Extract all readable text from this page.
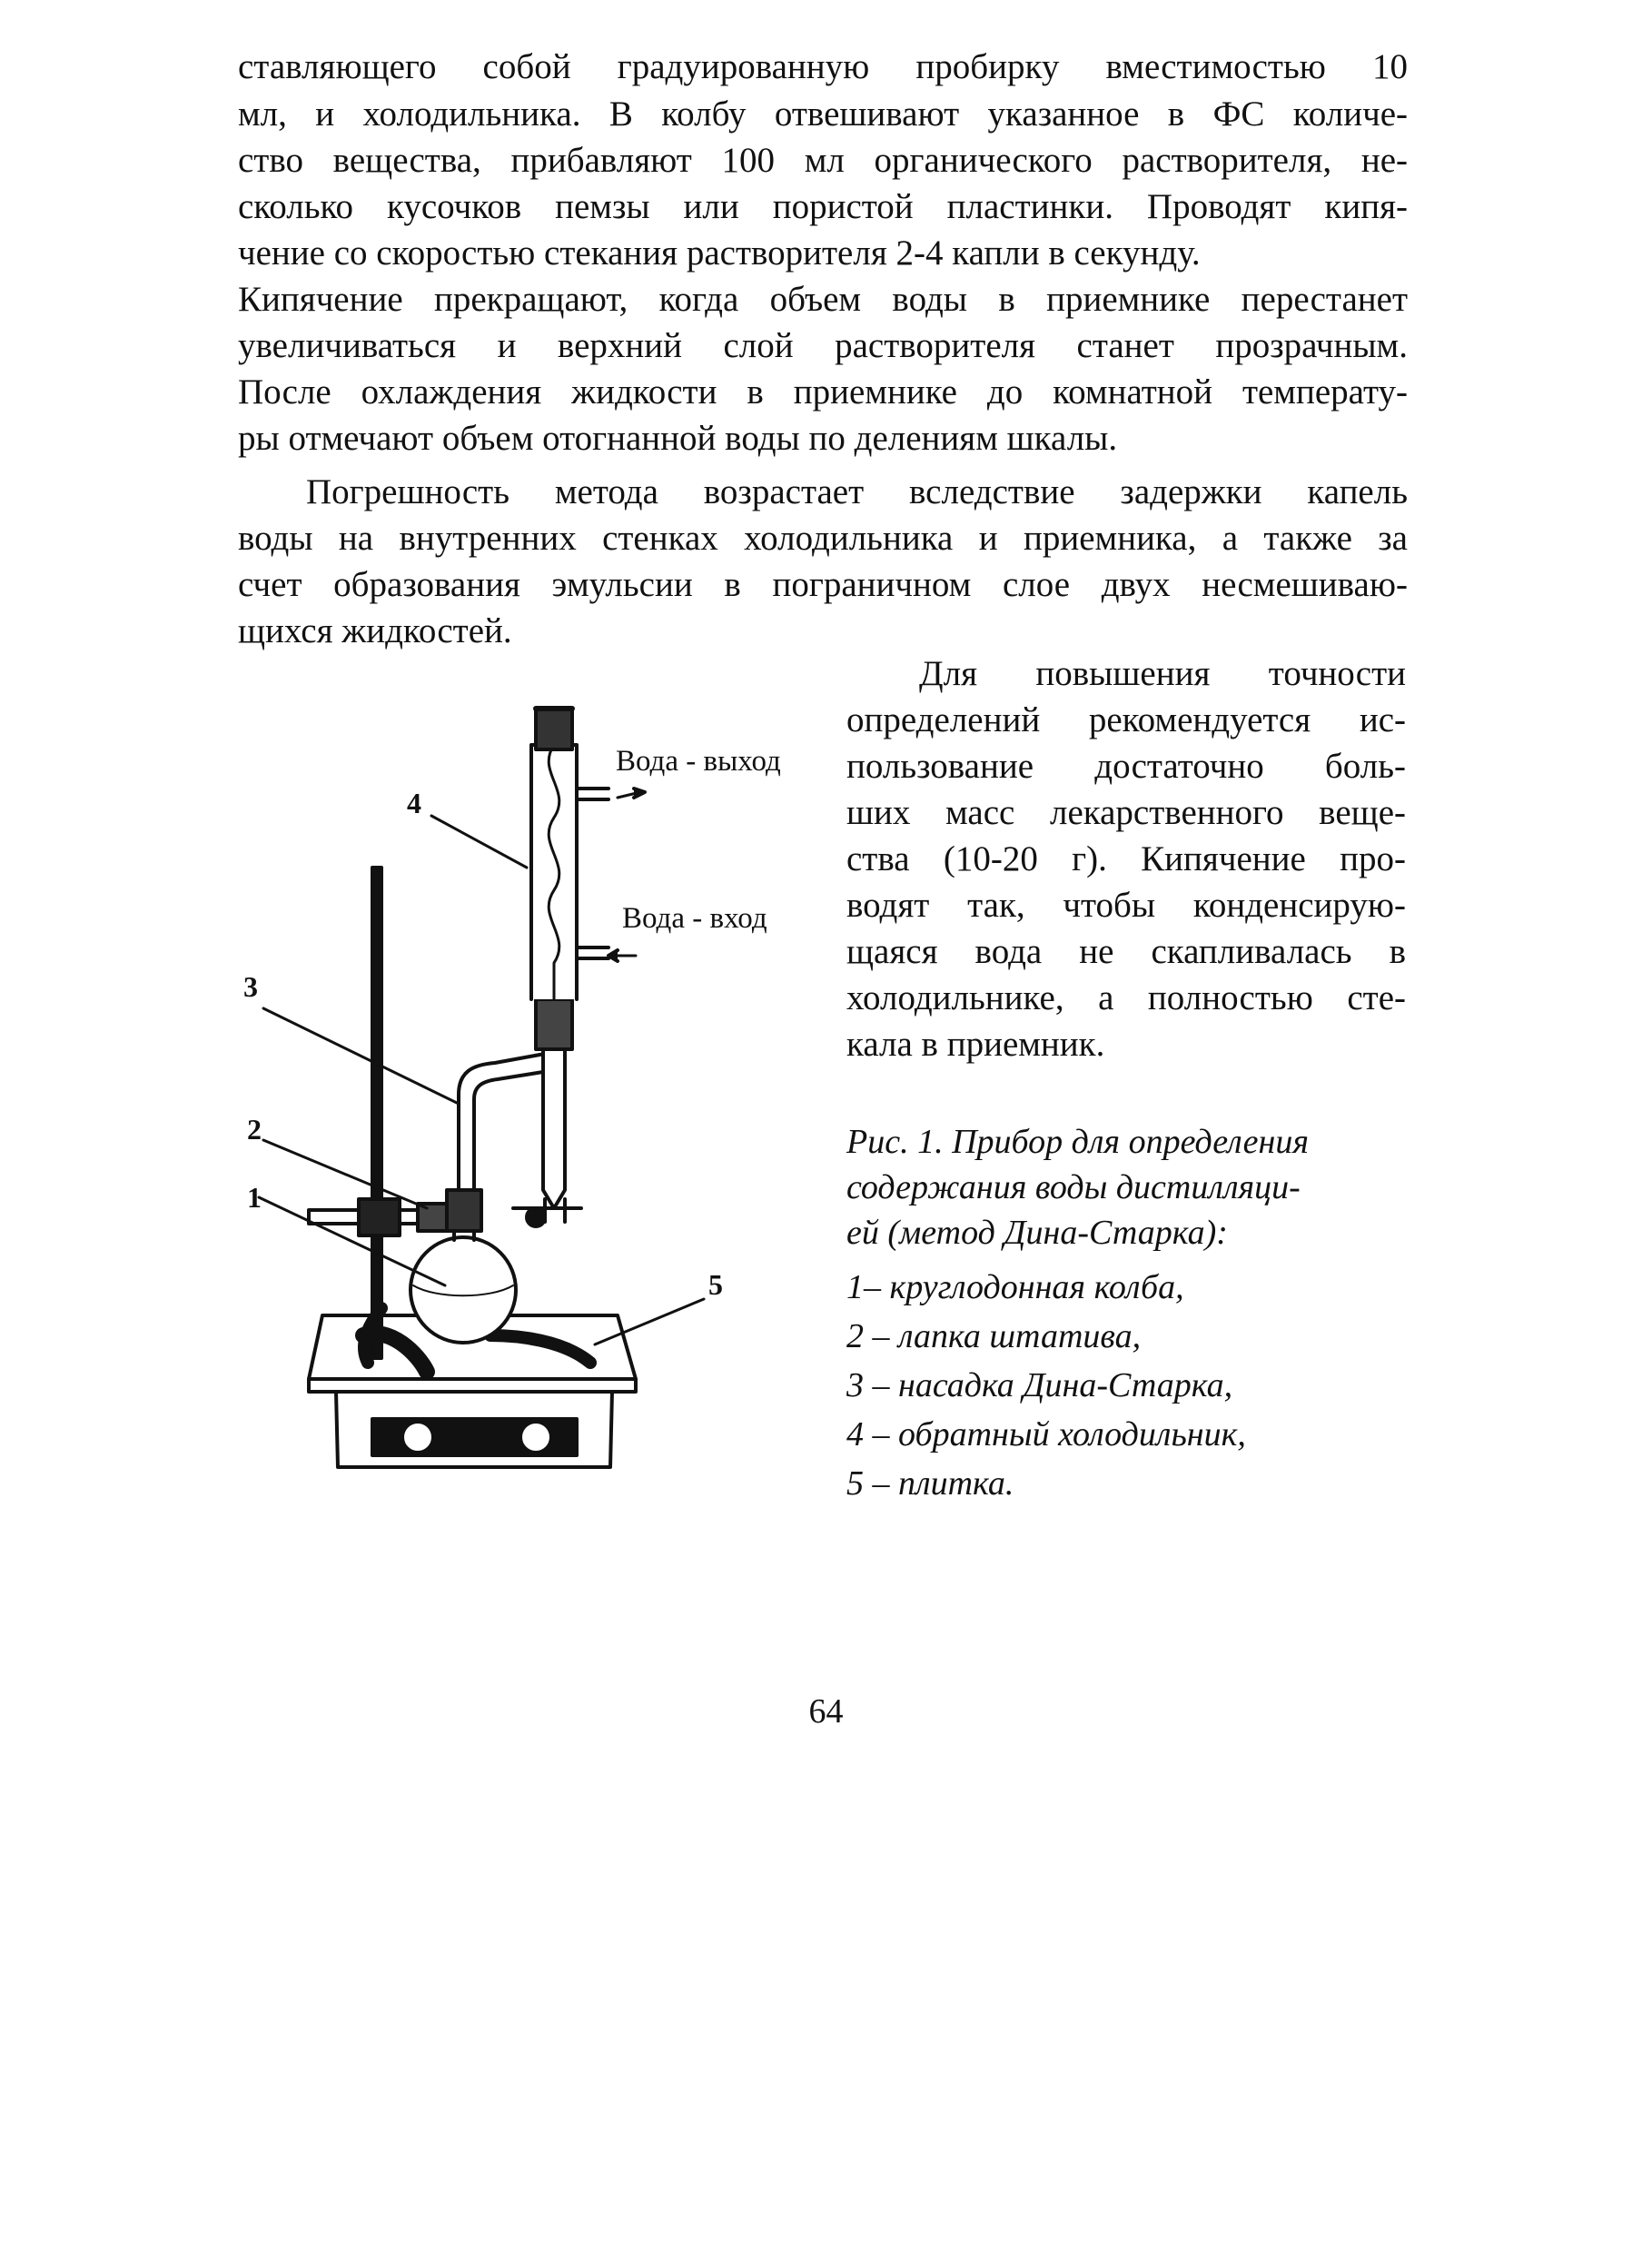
ставляющего собой градуированную пробирку вместимостью 10
мл, и холодильника. В колбу отвешивают указанное в ФС количе-
ство вещества, прибавляют 100 мл органического растворителя, не-
сколько кусочков пемзы или пористой пластинки. Проводят кипя-
чение со скоростью стекания растворителя 2-4 капли в секунду.
Кипячение прекращают, когда объем воды в приемнике перестанет
увеличиваться и верхний слой растворителя станет прозрачным.
После охлаждения жидкости в приемнике до комнатной температу-
ры отмечают объем отогнанной воды по делениям шкалы.
Погрешность метода возрастает вследствие задержки капель
воды на внутренних стенках холодильника и приемника, а также за
счет образования эмульсии в пограничном слое двух несмешиваю-
щихся жидкостей.
Для повышения точности
определений рекомендуется ис-
пользование достаточно боль-
ших масс лекарственного веще-
ства (10-20 г). Кипячение про-
водят так, чтобы конденсирую-
щаяся вода не скапливалась в
холодильнике, а полностью сте-
кала в приемник.
Вода - выход
Вода - вход
1
2
3
4
5
Рис. 1. Прибор для определения
содержания воды дистилляци-
ей (метод Дина-Старка):
1– круглодонная колба,
2 – лапка штатива,
3 – насадка Дина-Старка,
4 – обратный холодильник,
5 – плитка.
64
